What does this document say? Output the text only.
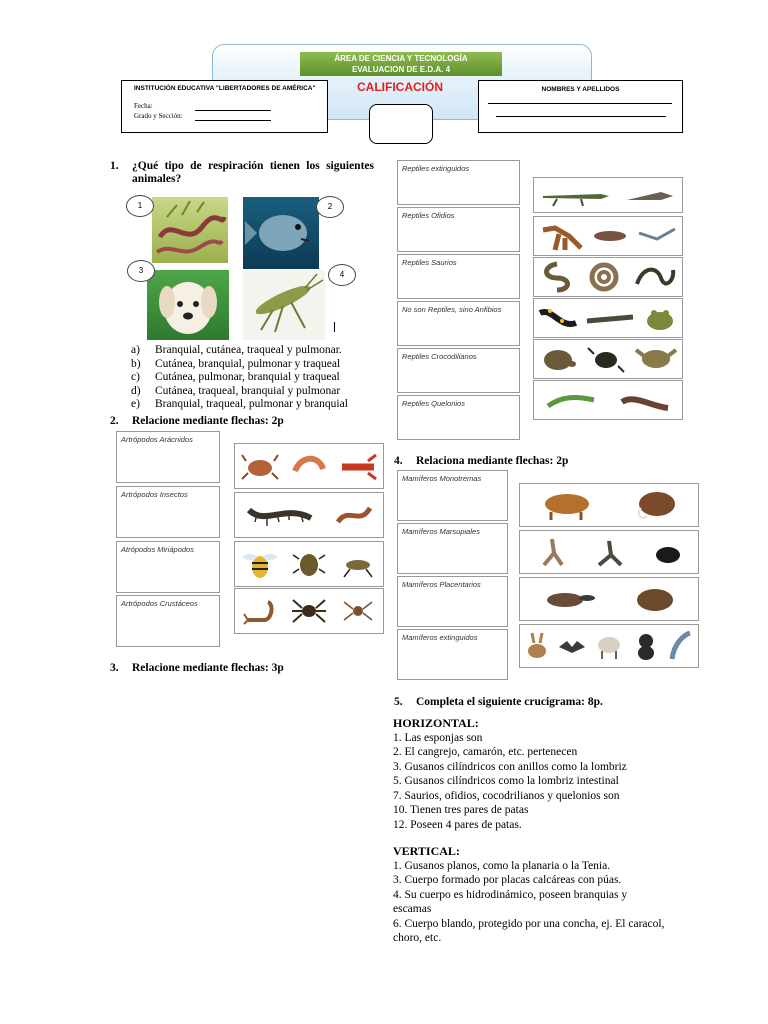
ÁREA DE CIENCIA Y TECNOLOGÍA
EVALUACION DE E.D.A. 4
INSTITUCIÓN EDUCATIVA "LIBERTADORES DE AMÉRICA"
Fecha:
Grado y Sección:
CALIFICACIÓN	NOMBRES Y APELLIDOS
1. ¿Qué tipo de respiración tienen los siguientes animales?
1	2
3	4
a) Branquial, cutánea, traqueal y pulmonar.
b) Cutánea, branquial, pulmonar y traqueal
c) Cutánea, pulmonar, branquial y traqueal
d) Cutánea, traqueal, branquial y pulmonar
e) Branquial, traqueal, pulmonar y branquial
2. Relacione mediante flechas: 2p
Artrópodos Arácnidos
Artrópodos Insectos
Atrópodos Miriápodos
Artrópodos Crustáceos
3. Relacione mediante flechas: 3p
Reptiles extinguidos
Reptiles Ofidios
Reptiles Saurios
No son Reptiles, sino Anfibios
Reptiles Crocodilianos
Reptiles Quelonios
4. Relaciona mediante flechas: 2p
Mamíferos Monotremas
Mamíferos Marsupiales
Mamíferos Placentarios
Mamíferos extinguidos
5. Completa el siguiente crucigrama: 8p.
HORIZONTAL:
1. Las esponjas son
2. El cangrejo, camarón, etc. pertenecen
3. Gusanos cilíndricos con anillos como la lombriz
5. Gusanos cilíndricos como la lombriz intestinal
7. Saurios, ofidios, cocodrilianos y quelonios son
10. Tienen tres pares de patas
12. Poseen 4 pares de patas.
VERTICAL:
1. Gusanos planos, como la planaria o la Tenia.
3. Cuerpo formado por placas calcáreas con púas.
4. Su cuerpo es hidrodinámico, poseen branquias y escamas
6. Cuerpo blando, protegido por una concha, ej. El caracol, choro, etc.
